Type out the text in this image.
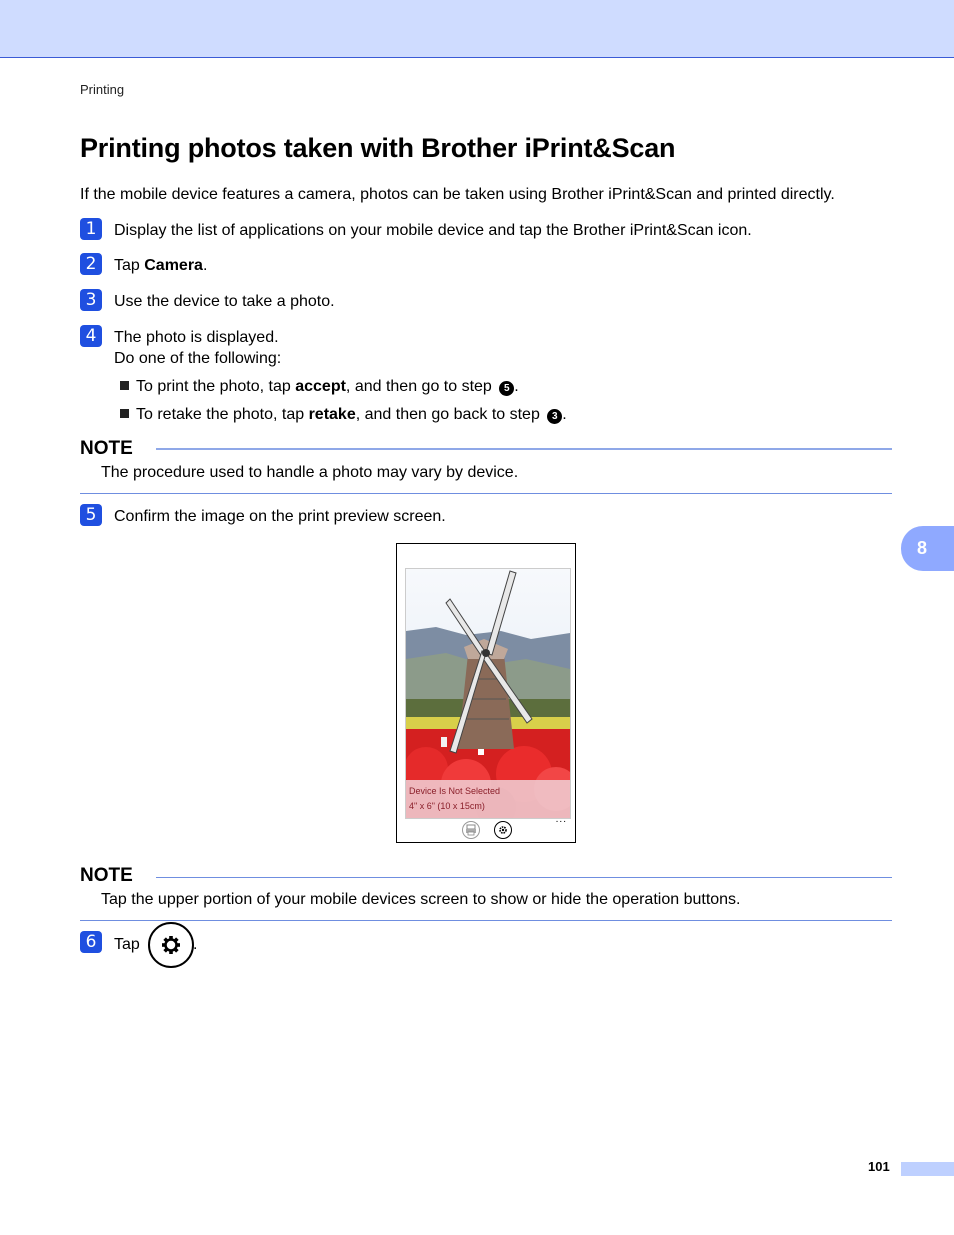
Printing
Printing photos taken with Brother iPrint&Scan
If the mobile device features a camera, photos can be taken using Brother iPrint&Scan and printed directly.
1	Display the list of applications on your mobile device and tap the Brother iPrint&Scan icon.
2	Tap Camera.
3	Use the device to take a photo.
4	The photo is displayed.
Do one of the following:
To print the photo, tap accept, and then go to step 5 .
To retake the photo, tap retake, and then go back to step 3 .
NOTE
The procedure used to handle a photo may vary by device.
5	Confirm the image on the print preview screen.
Device Is Not Selected
4" x 6" (10 x 15cm)
...
NOTE
Tap the upper portion of your mobile devices screen to show or hide the operation buttons.
6	Tap	.
8
101
